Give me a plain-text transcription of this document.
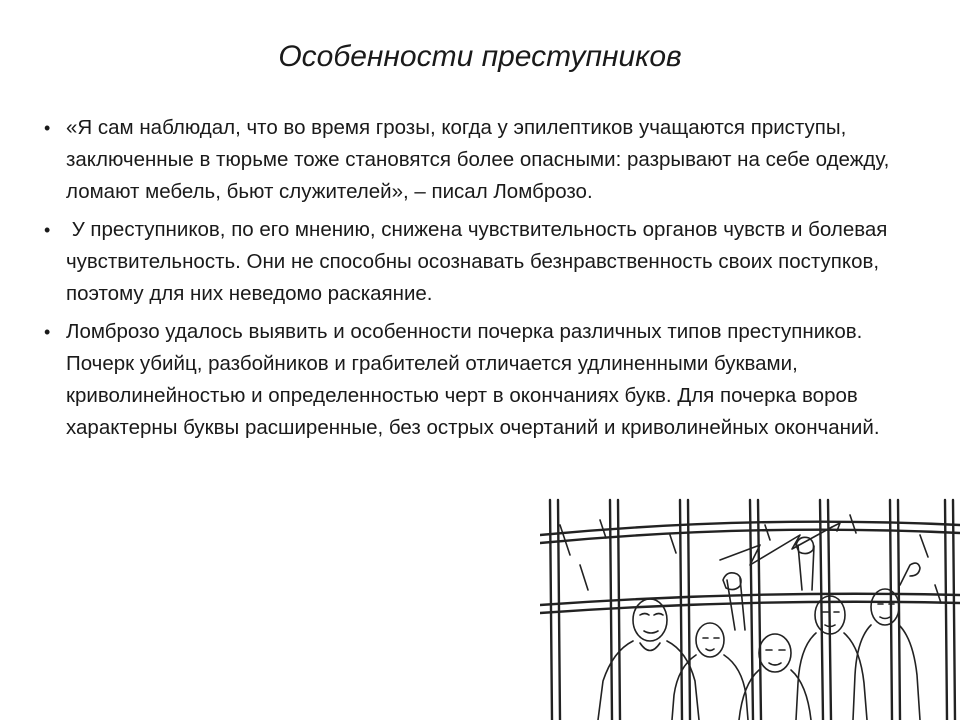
Особенности преступников
• «Я сам наблюдал, что во время грозы, когда у эпилептиков учащаются приступы, заключенные в тюрьме тоже становятся более опасными: разрывают на себе одежду, ломают мебель, бьют служителей», – писал Ломброзо.
• У преступников, по его мнению, снижена чувствительность органов чувств и болевая чувствительность. Они не способны осознавать безнравственность своих поступков, поэтому для них неведомо раскаяние.
• Ломброзо удалось выявить и особенности почерка различных типов преступников. Почерк убийц, разбойников и грабителей отличается удлиненными буквами, криволинейностью и определенностью черт в окончаниях букв. Для почерка воров характерны буквы расширенные, без острых очертаний и криволинейных окончаний.
